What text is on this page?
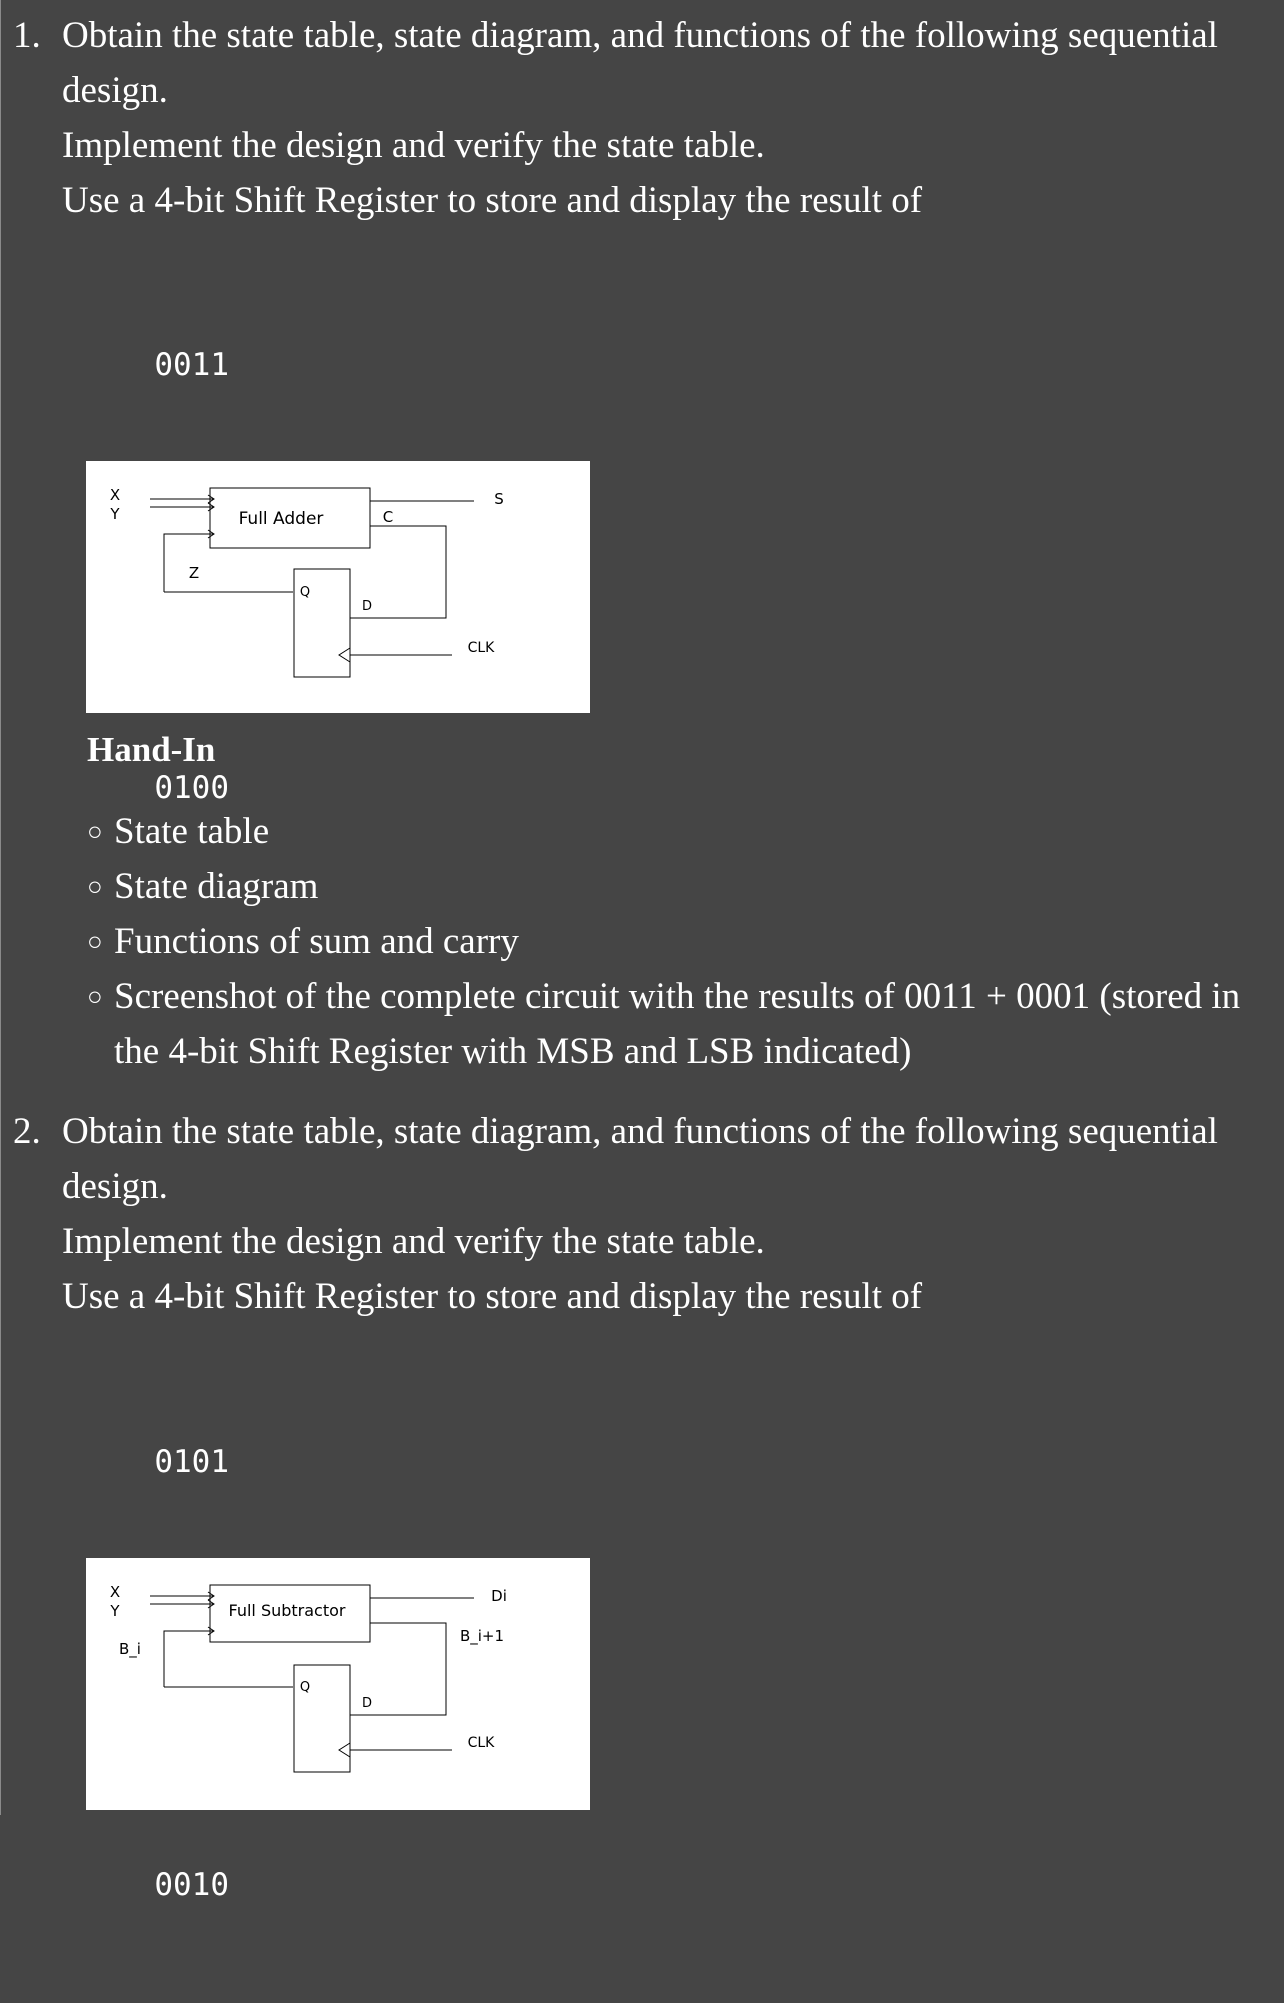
1. Obtain the state table, state diagram, and functions of the following sequential

design.

Implement the design and verify the state table.

Use a 4-bit Shift Register to store and display the result of

0011

0100

X
Y	Full Adder
S
C
Z
Q
D
CLK
Hand-In
○ State table
○ State diagram
○ Functions of sum and carry
○ Screenshot of the complete circuit with the results of 0011 + 0001 (stored in the 4-bit Shift Register with MSB and LSB indicated)
2. Obtain the state table, state diagram, and functions of the following sequential

design.

Implement the design and verify the state table.

Use a 4-bit Shift Register to store and display the result of

0101

0010

X
Y	Full Subtractor
Di
B_i+1
B_i
Q
D
CLK
